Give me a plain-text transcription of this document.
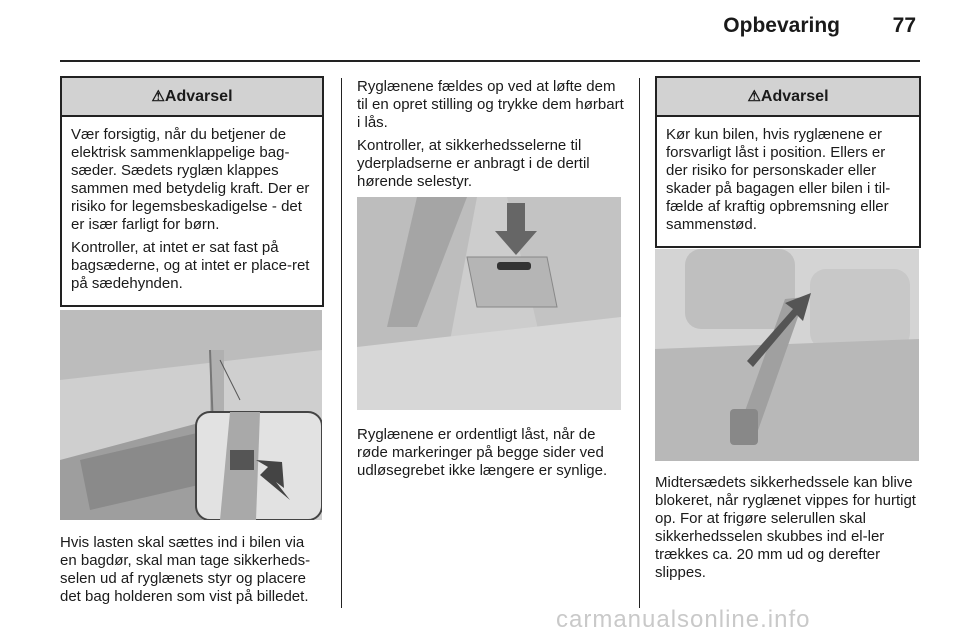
Opbevaring	77
⚠Advarsel

Vær forsigtig, når du betjener de elektrisk sammenklappelige bag-sæder. Sædets ryglæn klappes sammen med betydelig kraft. Der er risiko for legemsbeskadigelse - det er især farligt for børn.

Kontroller, at intet er sat fast på bagsæderne, og at intet er place-ret på sædehynden.

Hvis lasten skal sættes ind i bilen via en bagdør, skal man tage sikkerheds-selen ud af ryglænets styr og placere det bag holderen som vist på billedet.

Ryglænene fældes op ved at løfte dem til en opret stilling og trykke dem hørbart i lås.

Kontroller, at sikkerhedsselerne til yderpladserne er anbragt i de dertil hørende selestyr.

Ryglænene er ordentligt låst, når de røde markeringer på begge sider ved udløsegrebet ikke længere er synlige.
⚠Advarsel

Kør kun bilen, hvis ryglænene er forsvarligt låst i position. Ellers er der risiko for personskader eller skader på bagagen eller bilen i til-fælde af kraftig opbremsning eller sammenstød.

Midtersædets sikkerhedssele kan blive blokeret, når ryglænet vippes for hurtigt op. For at frigøre selerullen skal sikkerhedsselen skubbes ind el-ler trækkes ca. 20 mm ud og derefter slippes.
carmanualsonline.info
